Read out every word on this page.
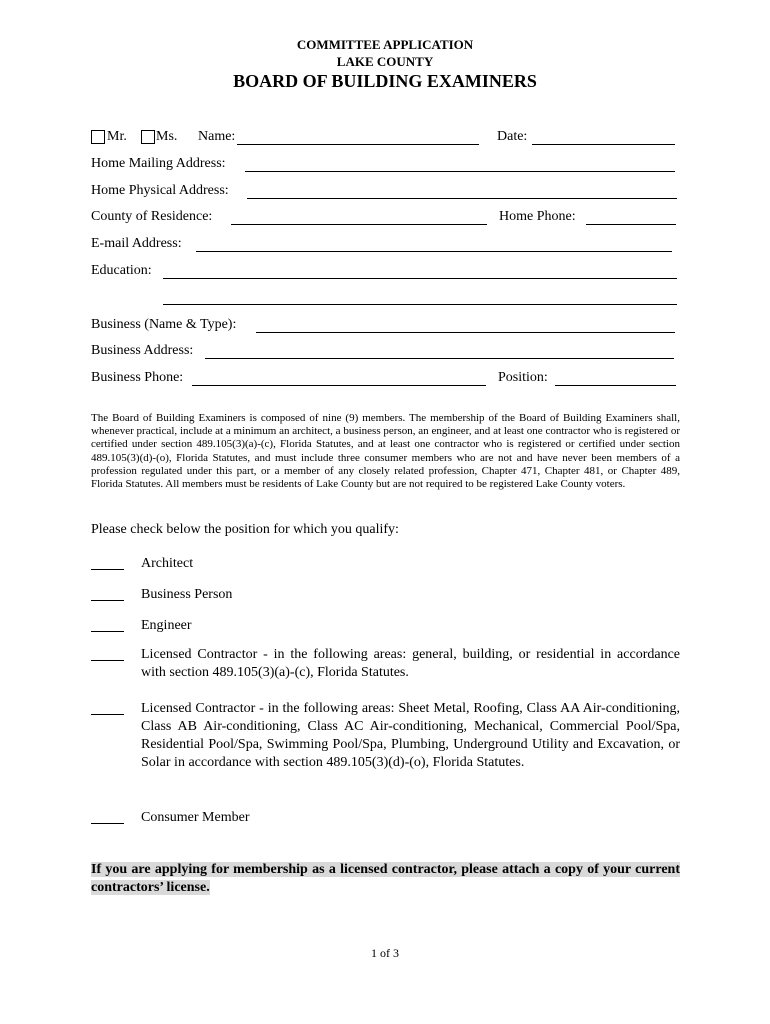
COMMITTEE APPLICATION
LAKE COUNTY
BOARD OF BUILDING EXAMINERS
Mr. Ms. Name:	Date:
Home Mailing Address:
Home Physical Address:
County of Residence:	Home Phone:
E-mail Address:
Education:
Business (Name & Type):
Business Address:
Business Phone:	Position:
The Board of Building Examiners is composed of nine (9) members. The membership of the Board of Building Examiners shall, whenever practical, include at a minimum an architect, a business person, an engineer, and at least one contractor who is registered or certified under section 489.105(3)(a)-(c), Florida Statutes, and at least one contractor who is registered or certified under section 489.105(3)(d)-(o), Florida Statutes, and must include three consumer members who are not and have never been members of a profession regulated under this part, or a member of any closely related profession, Chapter 471, Chapter 481, or Chapter 489, Florida Statutes. All members must be residents of Lake County but are not required to be registered Lake County voters.
Please check below the position for which you qualify:
Architect
Business Person
Engineer
Licensed Contractor - in the following areas: general, building, or residential in accordance with section 489.105(3)(a)-(c), Florida Statutes.
Licensed Contractor - in the following areas: Sheet Metal, Roofing, Class AA Air-conditioning, Class AB Air-conditioning, Class AC Air-conditioning, Mechanical, Commercial Pool/Spa, Residential Pool/Spa, Swimming Pool/Spa, Plumbing, Underground Utility and Excavation, or Solar in accordance with section 489.105(3)(d)-(o), Florida Statutes.
Consumer Member
If you are applying for membership as a licensed contractor, please attach a copy of your current contractors’ license.
1 of 3
